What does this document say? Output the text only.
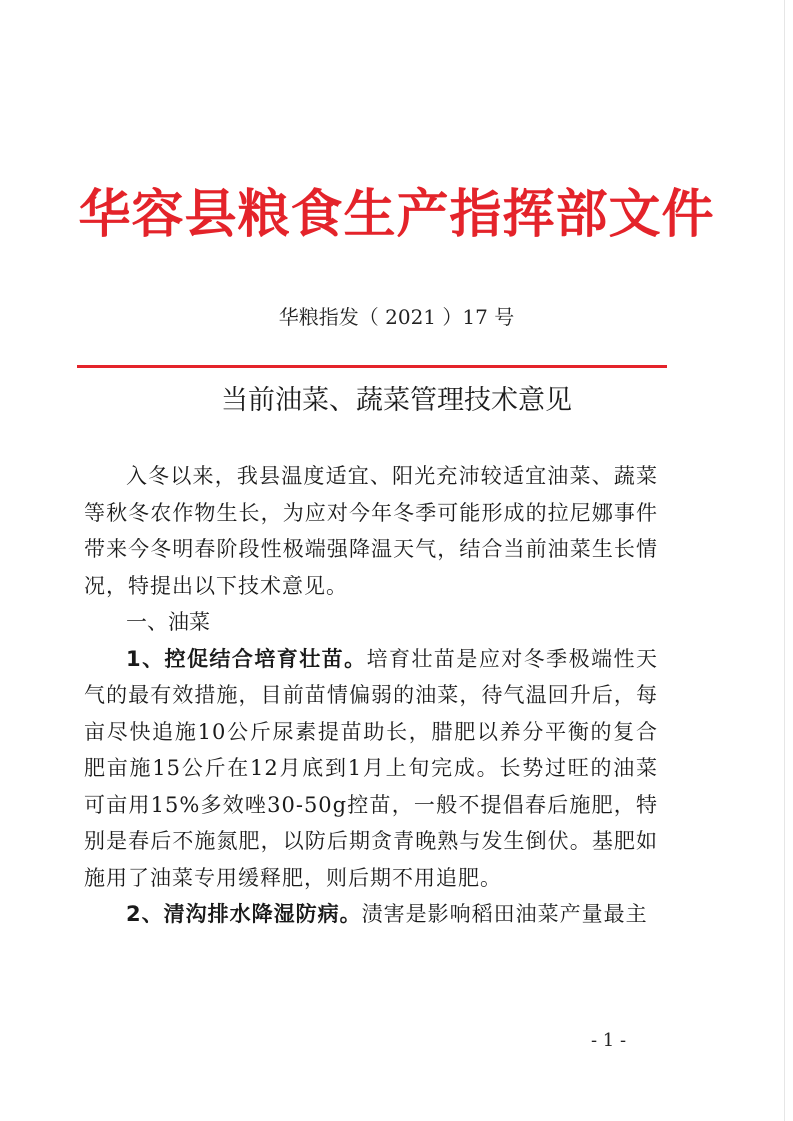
华容县粮食生产指挥部文件
华粮指发（ 2021 ）17 号
当前油菜、蔬菜管理技术意见

入冬以来，我县温度适宜、阳光充沛较适宜油菜、蔬菜等秋冬农作物生长，为应对今年冬季可能形成的拉尼娜事件带来今冬明春阶段性极端强降温天气，结合当前油菜生长情况，特提出以下技术意见。

一、油菜

1、控促结合培育壮苗。培育壮苗是应对冬季极端性天气的最有效措施，目前苗情偏弱的油菜，待气温回升后，每亩尽快追施10公斤尿素提苗助长，腊肥以养分平衡的复合肥亩施15公斤在12月底到1月上旬完成。长势过旺的油菜可亩用15%多效唑30-50g控苗，一般不提倡春后施肥，特别是春后不施氮肥，以防后期贪青晚熟与发生倒伏。基肥如施用了油菜专用缓释肥，则后期不用追肥。

2、清沟排水降湿防病。渍害是影响稻田油菜产量最主

- 1 -
